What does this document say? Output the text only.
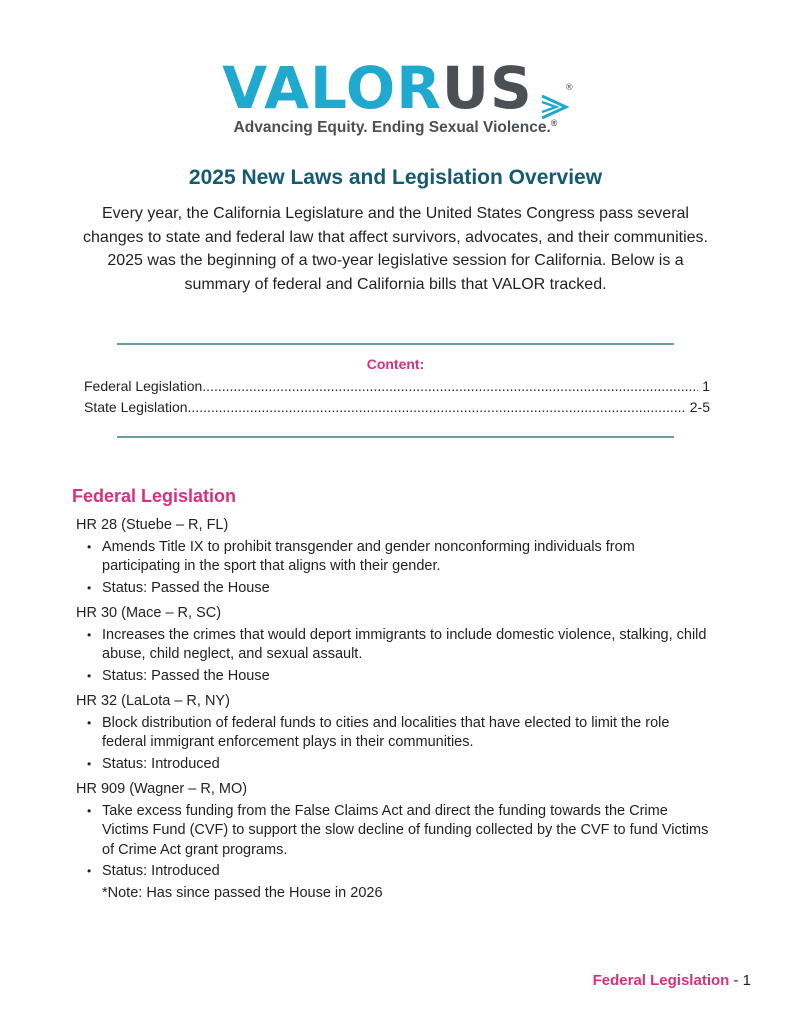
VALORUS	®
Advancing Equity. Ending Sexual Violence.®
2025 New Laws and Legislation Overview
Every year, the California Legislature and the United States Congress pass several changes to state and federal law that affect survivors, advocates, and their communities. 2025 was the beginning of a two-year legislative session for California. Below is a summary of federal and California bills that VALOR tracked.
Content:
Federal Legislation .....	1
State Legislation .....	2-5
Federal Legislation
HR 28 (Stuebe – R, FL)
• Amends Title IX to prohibit transgender and gender nonconforming individuals from participating in the sport that aligns with their gender.
• Status: Passed the House
HR 30 (Mace – R, SC)
• Increases the crimes that would deport immigrants to include domestic violence, stalking, child abuse, child neglect, and sexual assault.
• Status: Passed the House
HR 32 (LaLota – R, NY)
• Block distribution of federal funds to cities and localities that have elected to limit the role federal immigrant enforcement plays in their communities.
• Status: Introduced
HR 909 (Wagner – R, MO)
• Take excess funding from the False Claims Act and direct the funding towards the Crime Victims Fund (CVF) to support the slow decline of funding collected by the CVF to fund Victims of Crime Act grant programs.
• Status: Introduced
*Note: Has since passed the House in 2026
Federal Legislation - 1
